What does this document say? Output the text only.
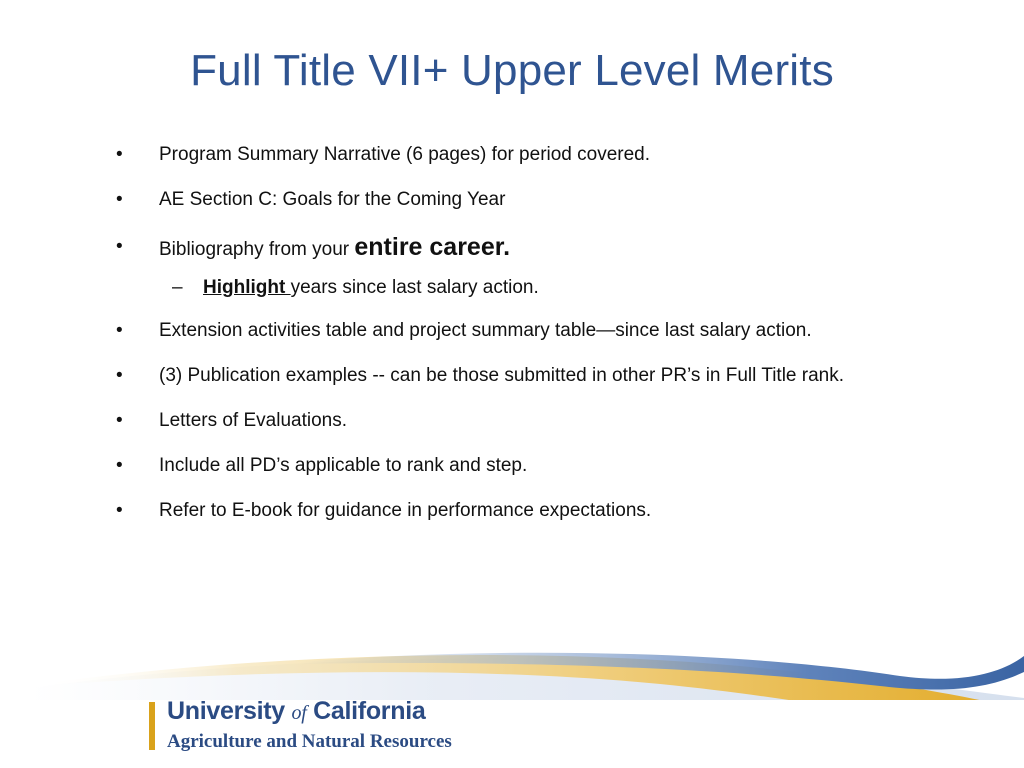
Full Title VII+ Upper Level Merits
•	Program Summary Narrative (6 pages) for period covered.
•	AE Section C: Goals for the Coming Year
•	Bibliography from your entire career.
– Highlight years since last salary action.
•	Extension activities table and project summary table—since last salary action.
•	(3) Publication examples -- can be those submitted in other PR’s in Full Title rank.
•	Letters of Evaluations.
•	Include all PD’s applicable to rank and step.
•	Refer to E-book for guidance in performance expectations.
University of California
Agriculture and Natural Resources
